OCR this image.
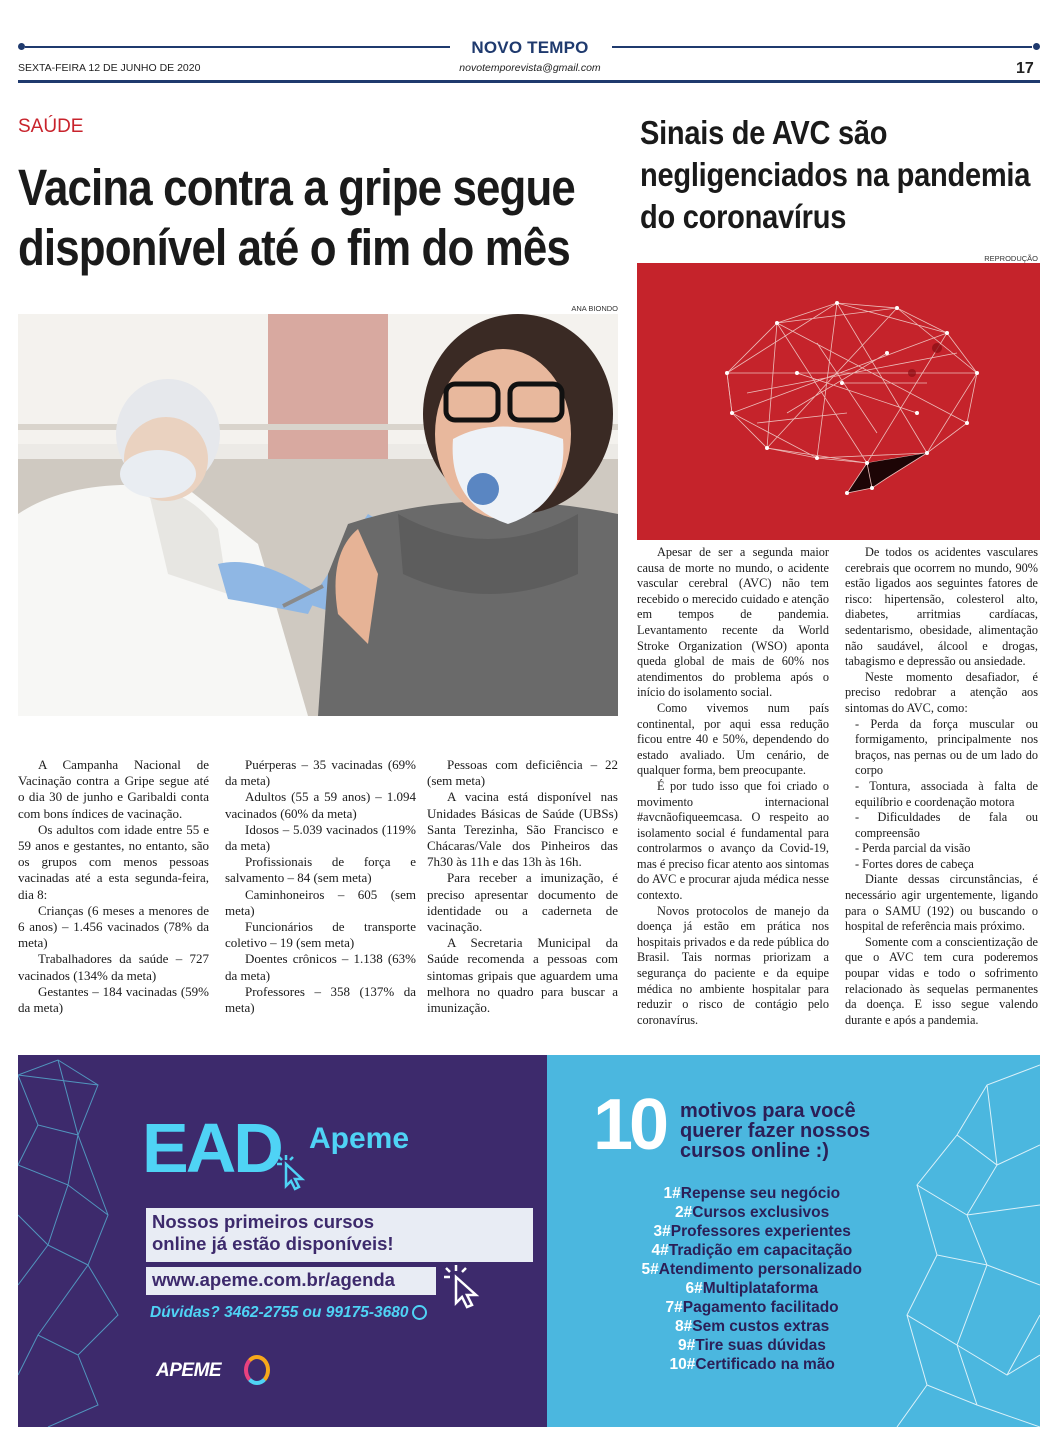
NOVO TEMPO
SEXTA-FEIRA 12 DE JUNHO DE 2020	novotemporevista@gmail.com	17
SAÚDE
Vacina contra a gripe segue
disponível até o fim do mês
ANA BIONDO

A Campanha Nacional de Vacinação contra a Gripe segue até o dia 30 de junho e Garibaldi conta com bons índices de vacinação.

Os adultos com idade entre 55 e 59 anos e gestantes, no entanto, são os grupos com menos pessoas vacinadas até a esta segunda-feira, dia 8:

Crianças (6 meses a menores de 6 anos) – 1.456 vacinados (78% da meta)

Trabalhadores da saúde – 727 vacinados (134% da meta)

Gestantes – 184 vacinadas (59% da meta)

Puérperas – 35 vacinadas (69% da meta)

Adultos (55 a 59 anos) – 1.094 vacinados (60% da meta)

Idosos – 5.039 vacinados (119% da meta)

Profissionais de força e salvamento – 84 (sem meta)

Caminhoneiros – 605 (sem meta)

Funcionários de transporte coletivo – 19 (sem meta)

Doentes crônicos – 1.138 (63% da meta)

Professores – 358 (137% da meta)

Pessoas com deficiência – 22 (sem meta)

A vacina está disponível nas Unidades Básicas de Saúde (UBSs) Santa Terezinha, São Francisco e Chácaras/Vale dos Pinheiros das 7h30 às 11h e das 13h às 16h.

Para receber a imunização, é preciso apresentar documento de identidade ou a caderneta de vacinação.

A Secretaria Municipal da Saúde recomenda a pessoas com sintomas gripais que aguardem uma melhora no quadro para buscar a imunização.

Sinais de AVC são negligenciados na pandemia do coronavírus
REPRODUÇÃO

Apesar de ser a segunda maior causa de morte no mundo, o acidente vascular cerebral (AVC) não tem recebido o merecido cuidado e atenção em tempos de pandemia. Levantamento recente da World Stroke Organization (WSO) aponta queda global de mais de 60% nos atendimentos do problema após o início do isolamento social.

Como vivemos num país continental, por aqui essa redução ficou entre 40 e 50%, dependendo do estado avaliado. Um cenário, de qualquer forma, bem preocupante.

É por tudo isso que foi criado o movimento internacional #avcnãofiqueemcasa. O respeito ao isolamento social é fundamental para controlarmos o avanço da Covid-19, mas é preciso ficar atento aos sintomas do AVC e procurar ajuda médica nesse contexto.

Novos protocolos de manejo da doença já estão em prática nos hospitais privados e da rede pública do Brasil. Tais normas priorizam a segurança do paciente e da equipe médica no ambiente hospitalar para reduzir o risco de contágio pelo coronavírus.

De todos os acidentes vasculares cerebrais que ocorrem no mundo, 90% estão ligados aos seguintes fatores de risco: hipertensão, colesterol alto, diabetes, arritmias cardíacas, sedentarismo, obesidade, alimentação não saudável, álcool e drogas, tabagismo e depressão ou ansiedade.

Neste momento desafiador, é preciso redobrar a atenção aos sintomas do AVC, como:

- Perda da força muscular ou formigamento, principalmente nos braços, nas pernas ou de um lado do corpo

- Tontura, associada à falta de equilíbrio e coordenação motora

- Dificuldades de fala ou compreensão

- Perda parcial da visão

- Fortes dores de cabeça

Diante dessas circunstâncias, é necessário agir urgentemente, ligando para o SAMU (192) ou buscando o hospital de referência mais próximo.

Somente com a conscientização de que o AVC tem cura poderemos poupar vidas e todo o sofrimento relacionado às sequelas permanentes da doença. E isso segue valendo durante e após a pandemia.

EAD Apeme
Nossos primeiros cursos
online já estão disponíveis!
www.apeme.com.br/agenda
Dúvidas? 3462-2755 ou 99175-3680
APEME
10 motivos para você
querer fazer nossos
cursos online :)
1#Repense seu negócio
2#Cursos exclusivos
3#Professores experientes
4#Tradição em capacitação
5#Atendimento personalizado
6#Multiplataforma
7#Pagamento facilitado
8#Sem custos extras
9#Tire suas dúvidas
10#Certificado na mão
